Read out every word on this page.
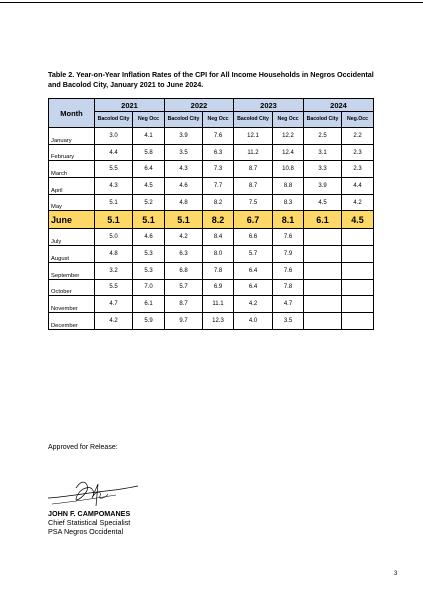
Table 2. Year-on-Year Inflation Rates of the CPI for All Income Households in Negros Occidental and Bacolod City, January 2021 to June 2024.
Month	2021		2022		2023		2024	
	Bacolod City	Neg Occ	Bacolod City	Neg Occ	Bacolod City	Neg Occ	Bacolod City	Neg.Occ
January	3.0	4.1	3.9	7.6	12.1	12.2	2.5	2.2
February	4.4	5.8	3.5	6.3	11.2	12.4	3.1	2.3
March	5.5	6.4	4.3	7.3	8.7	10.8	3.3	2.3
April	4.3	4.5	4.6	7.7	8.7	8.8	3.9	4.4
May	5.1	5.2	4.8	8.2	7.5	8.3	4.5	4.2
June	5.1	5.1	5.1	8.2	6.7	8.1	6.1	4.5
July	5.0	4.6	4.2	8.4	6.6	7.6		
August	4.8	5.3	6.3	8.0	5.7	7.9		
September	3.2	5.3	6.8	7.8	6.4	7.6		
October	5.5	7.0	5.7	6.9	6.4	7.8		
November	4.7	6.1	8.7	11.1	4.2	4.7		
December	4.2	5.9	9.7	12.3	4.0	3.5		
Approved for Release:
JOHN F. CAMPOMANES
Chief Statistical Specialist
PSA Negros Occidental
3
